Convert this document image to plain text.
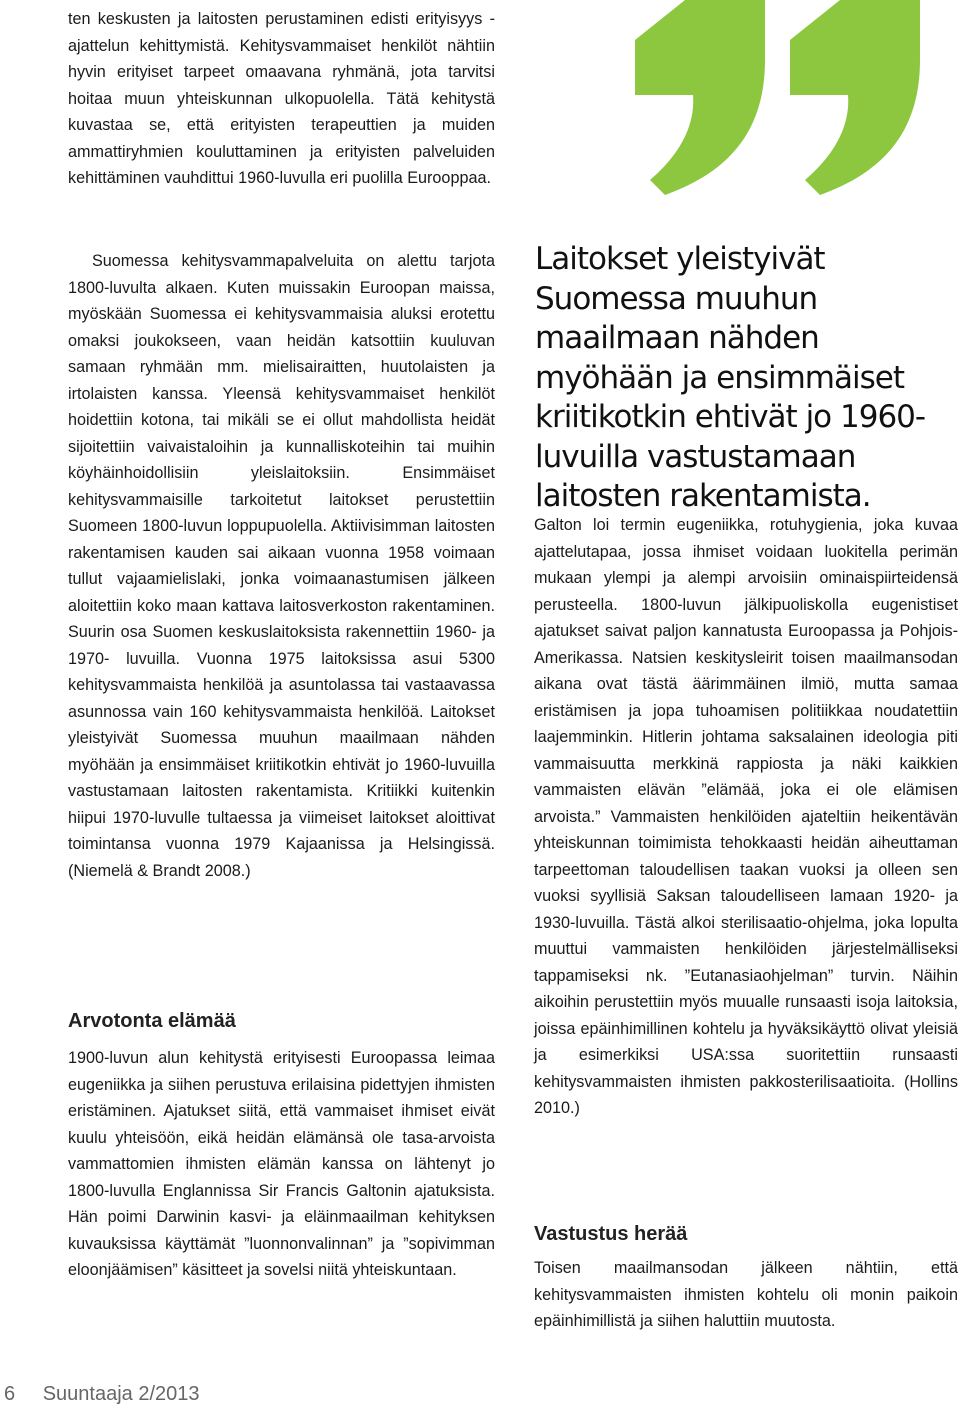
ten keskusten ja laitosten perustaminen edisti erityisyys -ajattelun kehittymistä. Kehitysvammaiset henkilöt nähtiin hyvin erityiset tarpeet omaavana ryhmänä, jota tarvitsi hoitaa muun yhteiskunnan ulkopuolella. Tätä kehitystä kuvastaa se, että erityisten terapeuttien ja muiden ammattiryhmien kouluttaminen ja erityisten palveluiden kehittäminen vauhdittui 1960-luvulla eri puolilla Eurooppaa.

Suomessa kehitysvammapalveluita on alettu tarjota 1800-luvulta alkaen. Kuten muissakin Euroopan maissa, myöskään Suomessa ei kehitysvammaisia aluksi erotettu omaksi joukokseen, vaan heidän katsottiin kuuluvan samaan ryhmään mm. mielisairaitten, huutolaisten ja irtolaisten kanssa. Yleensä kehitysvammaiset henkilöt hoidettiin kotona, tai mikäli se ei ollut mahdollista heidät sijoitettiin vaivaistaloihin ja kunnalliskoteihin tai muihin köyhäinhoidollisiin yleislaitoksiin. Ensimmäiset kehitysvammaisille tarkoitetut laitokset perustettiin Suomeen 1800-luvun loppupuolella. Aktiivisimman laitosten rakentamisen kauden sai aikaan vuonna 1958 voimaan tullut vajaamielislaki, jonka voimaanastumisen jälkeen aloitettiin koko maan kattava laitosverkoston rakentaminen. Suurin osa Suomen keskuslaitoksista rakennettiin 1960- ja 1970- luvuilla. Vuonna 1975 laitoksissa asui 5300 kehitysvammaista henkilöä ja asuntolassa tai vastaavassa asunnossa vain 160 kehitysvammaista henkilöä. Laitokset yleistyivät Suomessa muuhun maailmaan nähden myöhään ja ensimmäiset kriitikotkin ehtivät jo 1960-luvuilla vastustamaan laitosten rakentamista. Kritiikki kuitenkin hiipui 1970-luvulle tultaessa ja viimeiset laitokset aloittivat toimintansa vuonna 1979 Kajaanissa ja Helsingissä. (Niemelä & Brandt 2008.)

Arvotonta elämää

1900-luvun alun kehitystä erityisesti Euroopassa leimaa eugeniikka ja siihen perustuva erilaisina pidettyjen ihmisten eristäminen. Ajatukset siitä, että vammaiset ihmiset eivät kuulu yhteisöön, eikä heidän elämänsä ole tasa-arvoista vammattomien ihmisten elämän kanssa on lähtenyt jo 1800-luvulla Englannissa Sir Francis Galtonin ajatuksista. Hän poimi Darwinin kasvi- ja eläinmaailman kehityksen kuvauksissa käyttämät ”luonnonvalinnan” ja ”sopivimman eloonjäämisen” käsitteet ja sovelsi niitä yhteiskuntaan.

Laitokset yleistyivät Suomessa muuhun maailmaan nähden myöhään ja ensimmäiset kriitikotkin ehtivät jo 1960-luvuilla vastustamaan laitosten rakentamista.

Galton loi termin eugeniikka, rotuhygienia, joka kuvaa ajattelutapaa, jossa ihmiset voidaan luokitella perimän mukaan ylempi ja alempi arvoisiin ominaispiirteidensä perusteella. 1800-luvun jälkipuoliskolla eugenistiset ajatukset saivat paljon kannatusta Euroopassa ja Pohjois-Amerikassa. Natsien keskitysleirit toisen maailmansodan aikana ovat tästä äärimmäinen ilmiö, mutta samaa eristämisen ja jopa tuhoamisen politiikkaa noudatettiin laajemminkin. Hitlerin johtama saksalainen ideologia piti vammaisuutta merkkinä rappiosta ja näki kaikkien vammaisten elävän ”elämää, joka ei ole elämisen arvoista.” Vammaisten henkilöiden ajateltiin heikentävän yhteiskunnan toimimista tehokkaasti heidän aiheuttaman tarpeettoman taloudellisen taakan vuoksi ja olleen sen vuoksi syyllisiä Saksan taloudelliseen lamaan 1920- ja 1930-luvuilla. Tästä alkoi sterilisaatio-ohjelma, joka lopulta muuttui vammaisten henkilöiden järjestelmälliseksi tappamiseksi nk. ”Eutanasiaohjelman” turvin. Näihin aikoihin perustettiin myös muualle runsaasti isoja laitoksia, joissa epäinhimillinen kohtelu ja hyväksikäyttö olivat yleisiä ja esimerkiksi USA:ssa suoritettiin runsaasti kehitysvammaisten ihmisten pakkosterilisaatioita. (Hollins 2010.)

Vastustus herää

Toisen maailmansodan jälkeen nähtiin, että kehitysvammaisten ihmisten kohtelu oli monin paikoin epäinhimillistä ja siihen haluttiin muutosta.

6 Suuntaaja 2/2013
